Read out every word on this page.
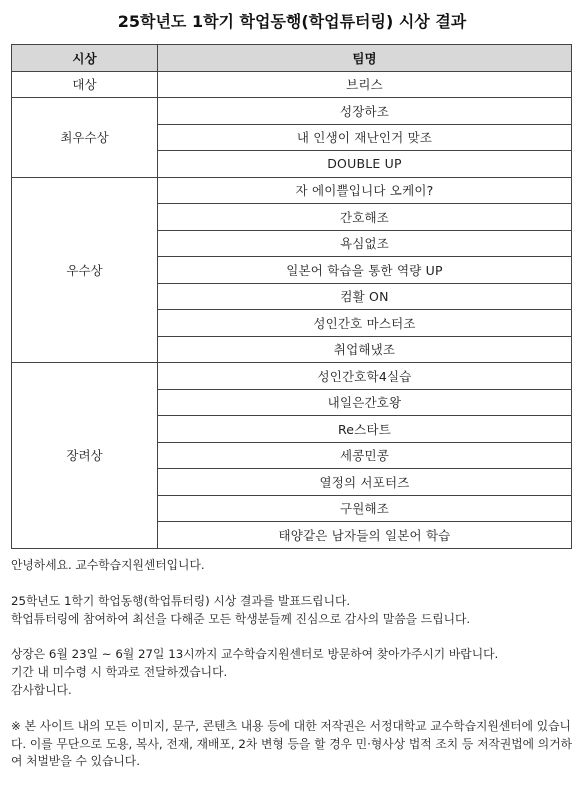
25학년도 1학기 학업동행(학업튜터링) 시상 결과
시상	팀명
대상	브리스
최우수상	성장하조
	내 인생이 재난인거 맞조
	DOUBLE UP
우수상	자 에이쁠입니다 오케이?
	간호해조
	욕심없조
	일본어 학습을 통한 역량 UP
	컴활 ON
	성인간호 마스터조
	취업해냈조
장려상	성인간호학4실습
	내일은간호왕
	Re스타트
	세콩민콩
	열정의 서포터즈
	구원해조
	태양같은 남자들의 일본어 학습

안녕하세요. 교수학습지원센터입니다.

25학년도 1학기 학업동행(학업튜터링) 시상 결과를 발표드립니다.

학업튜터링에 참여하여 최선을 다해준 모든 학생분들께 진심으로 감사의 말씀을 드립니다.

상장은 6월 23일 ~ 6월 27일 13시까지 교수학습지원센터로 방문하여 찾아가주시기 바랍니다.

기간 내 미수령 시 학과로 전달하겠습니다.

감사합니다.

※ 본 사이트 내의 모든 이미지, 문구, 콘텐츠 내용 등에 대한 저작권은 서정대학교 교수학습지원센터에 있습니다. 이를 무단으로 도용, 복사, 전재, 재배포, 2차 변형 등을 할 경우 민·형사상 법적 조치 등 저작권법에 의거하여 처벌받을 수 있습니다.
